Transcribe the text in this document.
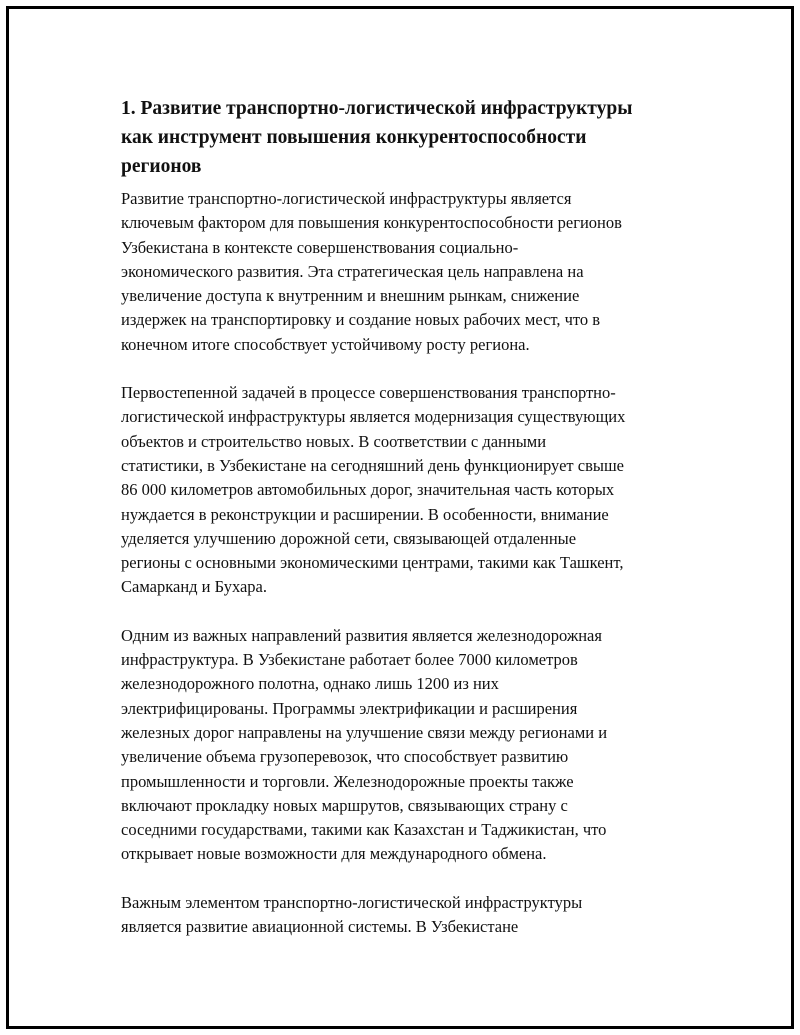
1. Развитие транспортно-логистической инфраструктуры
как инструмент повышения конкурентоспособности
регионов
Развитие транспортно-логистической инфраструктуры является
ключевым фактором для повышения конкурентоспособности регионов
Узбекистана в контексте совершенствования социально-
экономического развития. Эта стратегическая цель направлена на
увеличение доступа к внутренним и внешним рынкам, снижение
издержек на транспортировку и создание новых рабочих мест, что в
конечном итоге способствует устойчивому росту региона.
Первостепенной задачей в процессе совершенствования транспортно-
логистической инфраструктуры является модернизация существующих
объектов и строительство новых. В соответствии с данными
статистики, в Узбекистане на сегодняшний день функционирует свыше
86 000 километров автомобильных дорог, значительная часть которых
нуждается в реконструкции и расширении. В особенности, внимание
уделяется улучшению дорожной сети, связывающей отдаленные
регионы с основными экономическими центрами, такими как Ташкент,
Самарканд и Бухара.
Одним из важных направлений развития является железнодорожная
инфраструктура. В Узбекистане работает более 7000 километров
железнодорожного полотна, однако лишь 1200 из них
электрифицированы. Программы электрификации и расширения
железных дорог направлены на улучшение связи между регионами и
увеличение объема грузоперевозок, что способствует развитию
промышленности и торговли. Железнодорожные проекты также
включают прокладку новых маршрутов, связывающих страну с
соседними государствами, такими как Казахстан и Таджикистан, что
открывает новые возможности для международного обмена.
Важным элементом транспортно-логистической инфраструктуры
является развитие авиационной системы. В Узбекистане
